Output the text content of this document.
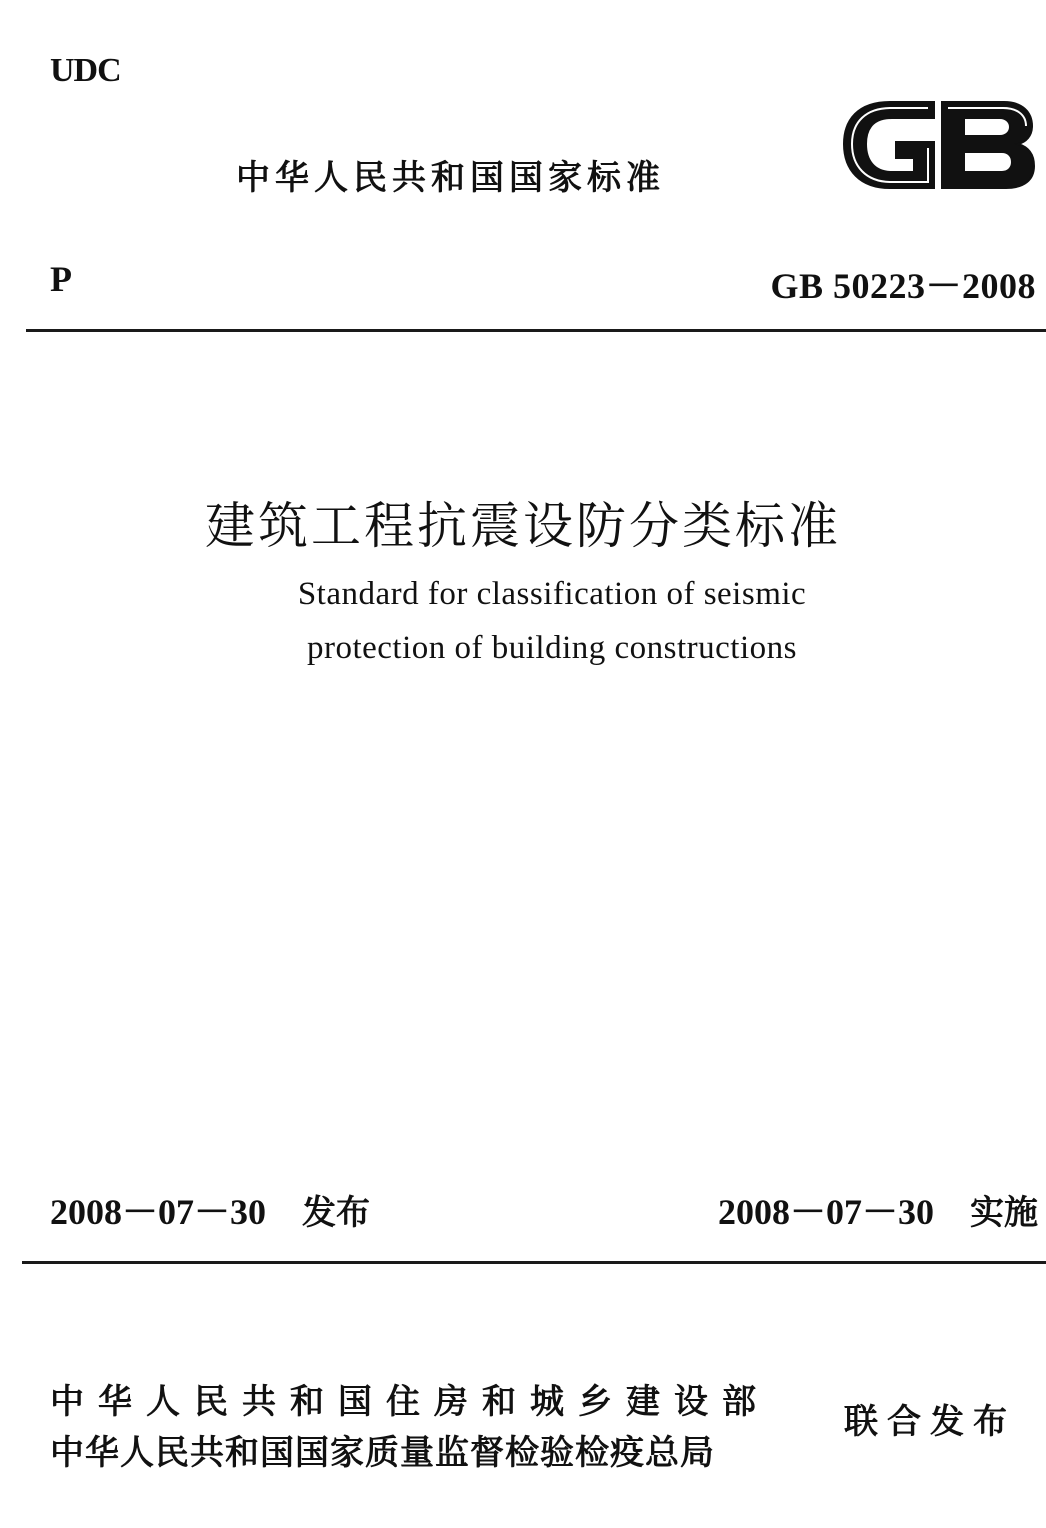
UDC
中华人民共和国国家标准
P	GB 50223－2008
建筑工程抗震设防分类标准
Standard for classification of seismic
protection of building constructions
2008－07－30 发布	2008－07－30 实施
中华人民共和国住房和城乡建设部
中华人民共和国国家质量监督检验检疫总局
联合发布
